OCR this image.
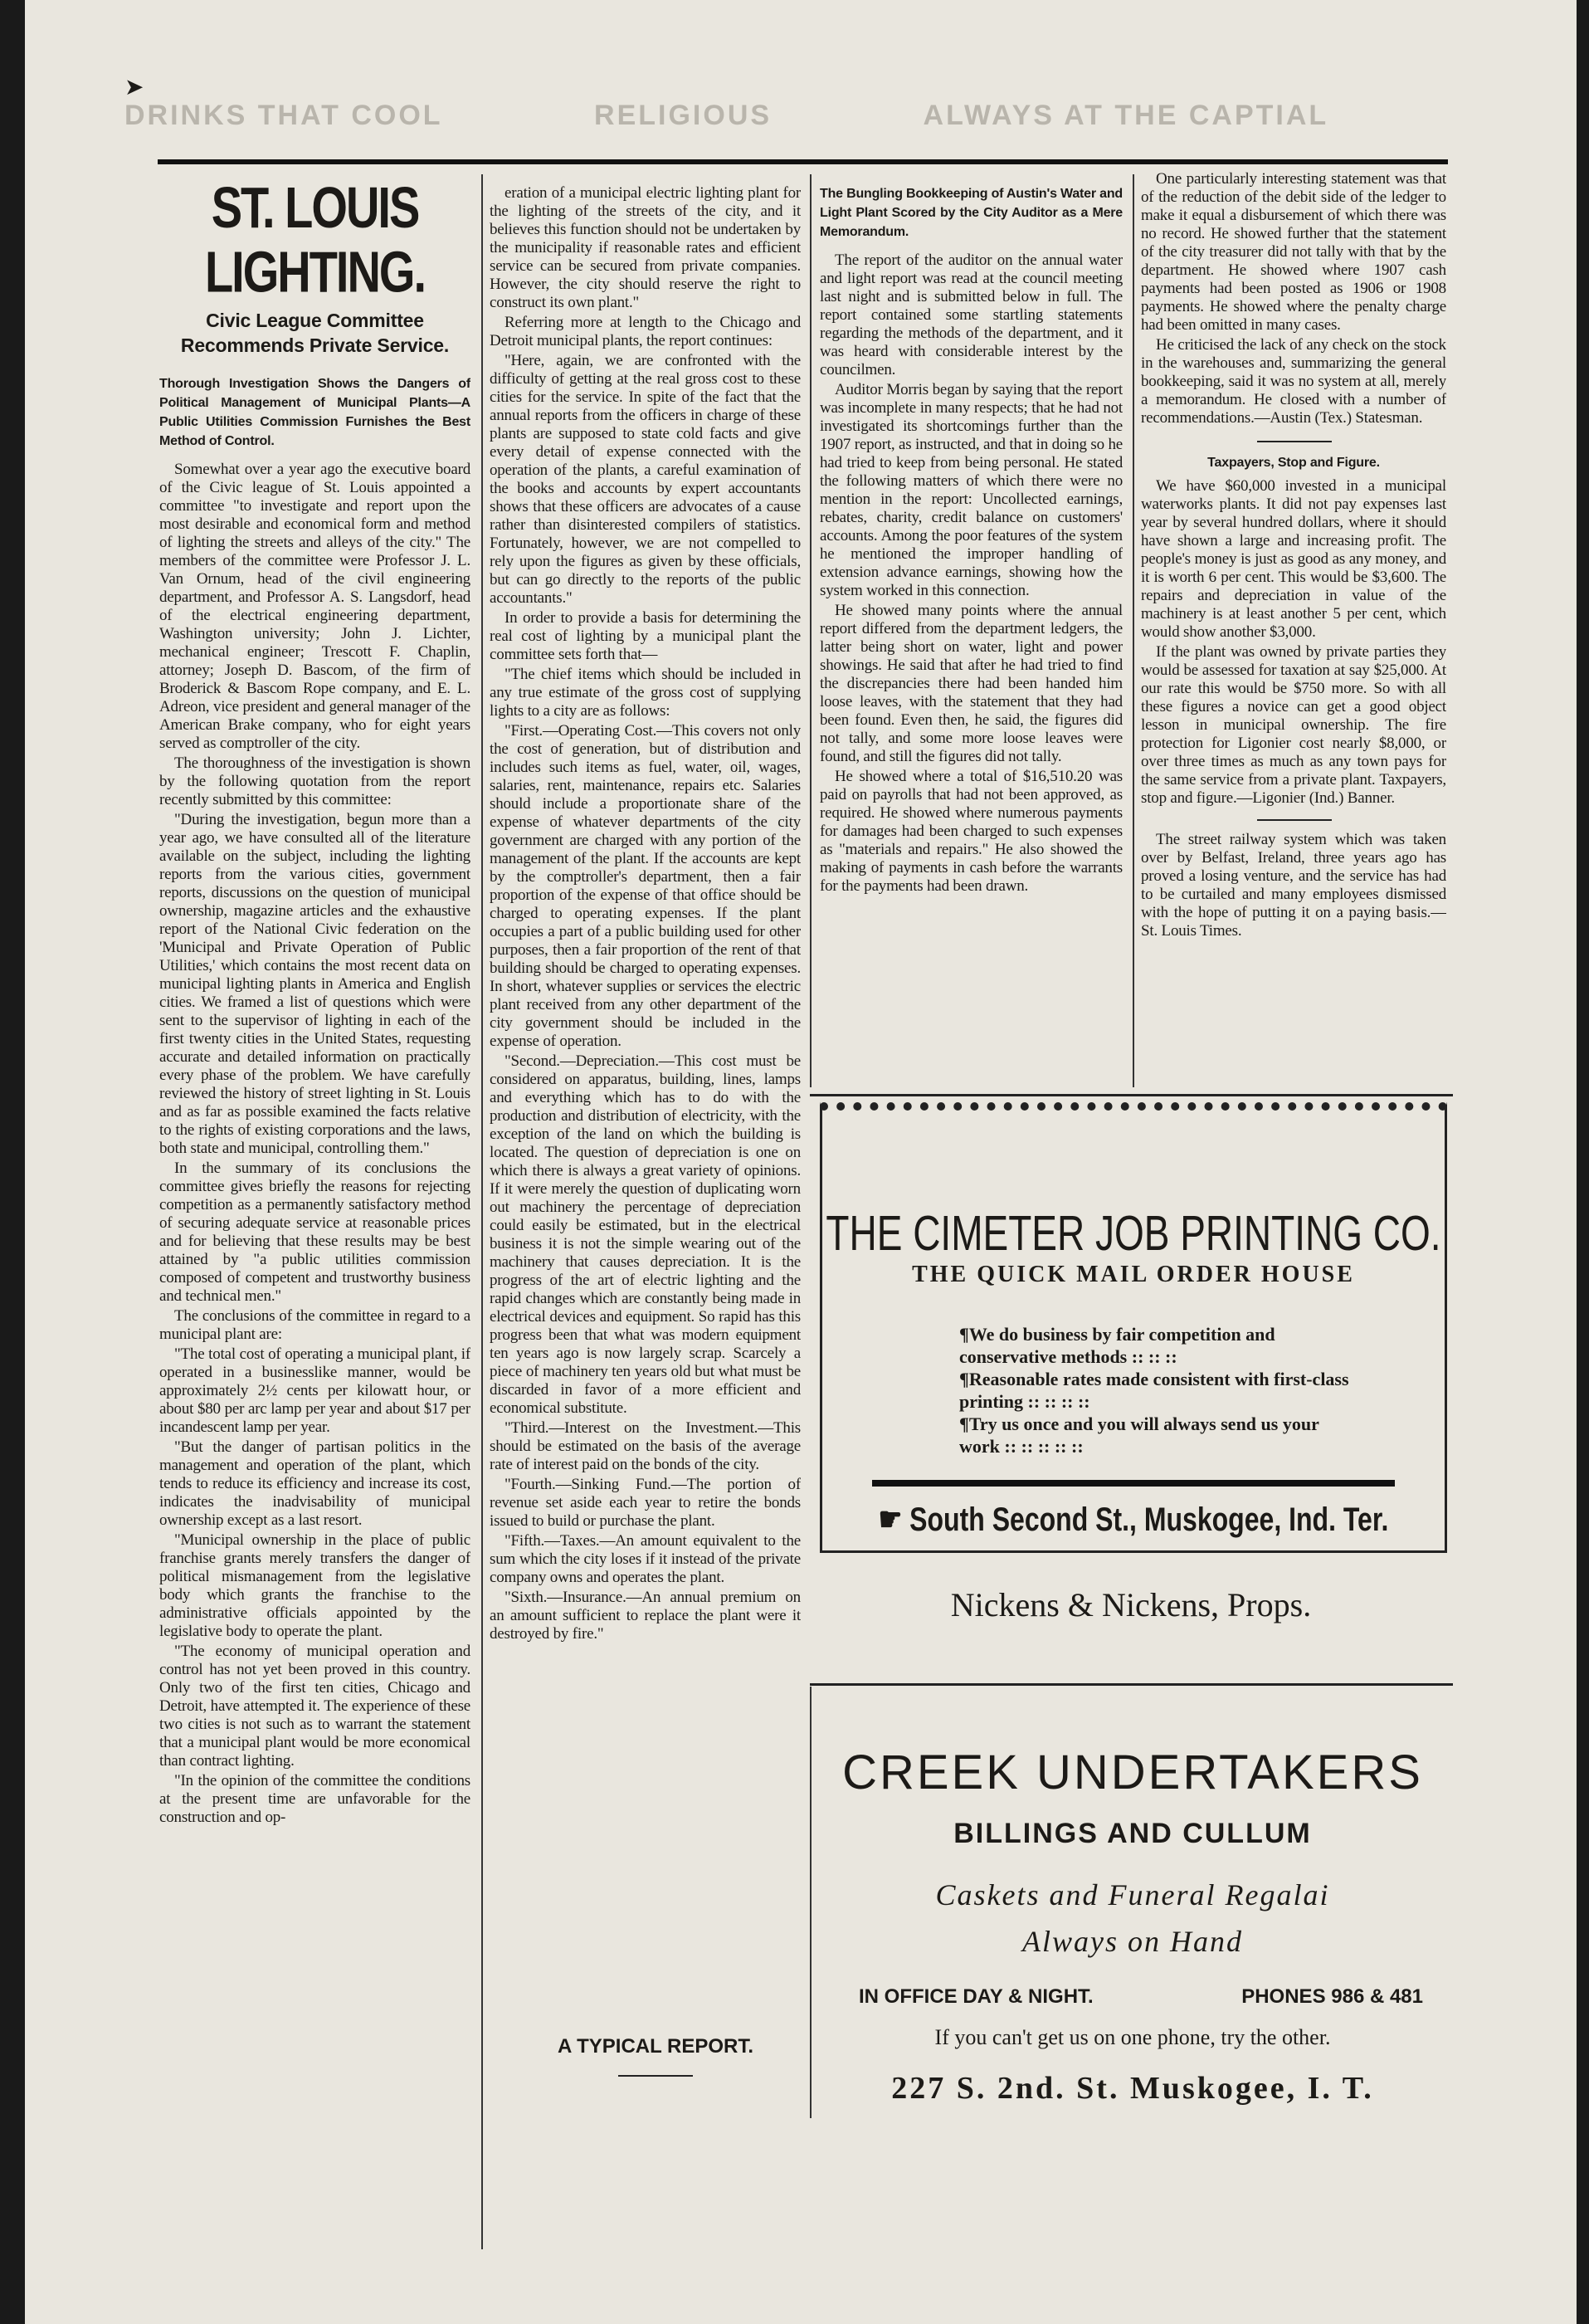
➤
DRINKS THAT COOL	RELIGIOUS	ALWAYS AT THE CAPTIAL
ST. LOUIS LIGHTING.
Civic League Committee Recommends Private Service.
Thorough Investigation Shows the Dangers of Political Management of Municipal Plants—A Public Utilities Commission Furnishes the Best Method of Control.

Somewhat over a year ago the executive board of the Civic league of St. Louis appointed a committee "to investigate and report upon the most desirable and economical form and method of lighting the streets and alleys of the city." The members of the committee were Professor J. L. Van Ornum, head of the civil engineering department, and Professor A. S. Langsdorf, head of the electrical engineering department, Washington university; John J. Lichter, mechanical engineer; Trescott F. Chaplin, attorney; Joseph D. Bascom, of the firm of Broderick & Bascom Rope company, and E. L. Adreon, vice president and general manager of the American Brake company, who for eight years served as comptroller of the city.

The thoroughness of the investigation is shown by the following quotation from the report recently submitted by this committee:

"During the investigation, begun more than a year ago, we have consulted all of the literature available on the subject, including the lighting reports from the various cities, government reports, discussions on the question of municipal ownership, magazine articles and the exhaustive report of the National Civic federation on the 'Municipal and Private Operation of Public Utilities,' which contains the most recent data on municipal lighting plants in America and English cities. We framed a list of questions which were sent to the supervisor of lighting in each of the first twenty cities in the United States, requesting accurate and detailed information on practically every phase of the problem. We have carefully reviewed the history of street lighting in St. Louis and as far as possible examined the facts relative to the rights of existing corporations and the laws, both state and municipal, controlling them."

In the summary of its conclusions the committee gives briefly the reasons for rejecting competition as a permanently satisfactory method of securing adequate service at reasonable prices and for believing that these results may be best attained by "a public utilities commission composed of competent and trustworthy business and technical men."

The conclusions of the committee in regard to a municipal plant are:

"The total cost of operating a municipal plant, if operated in a businesslike manner, would be approximately 2½ cents per kilowatt hour, or about $80 per arc lamp per year and about $17 per incandescent lamp per year.

"But the danger of partisan politics in the management and operation of the plant, which tends to reduce its efficiency and increase its cost, indicates the inadvisability of municipal ownership except as a last resort.

"Municipal ownership in the place of public franchise grants merely transfers the danger of political mismanagement from the legislative body which grants the franchise to the administrative officials appointed by the legislative body to operate the plant.

"The economy of municipal operation and control has not yet been proved in this country. Only two of the first ten cities, Chicago and Detroit, have attempted it. The experience of these two cities is not such as to warrant the statement that a municipal plant would be more economical than contract lighting.

"In the opinion of the committee the conditions at the present time are unfavorable for the construction and op-

eration of a municipal electric lighting plant for the lighting of the streets of the city, and it believes this function should not be undertaken by the municipality if reasonable rates and efficient service can be secured from private companies. However, the city should reserve the right to construct its own plant."

Referring more at length to the Chicago and Detroit municipal plants, the report continues:

"Here, again, we are confronted with the difficulty of getting at the real gross cost to these cities for the service. In spite of the fact that the annual reports from the officers in charge of these plants are supposed to state cold facts and give every detail of expense connected with the operation of the plants, a careful examination of the books and accounts by expert accountants shows that these officers are advocates of a cause rather than disinterested compilers of statistics. Fortunately, however, we are not compelled to rely upon the figures as given by these officials, but can go directly to the reports of the public accountants."

In order to provide a basis for determining the real cost of lighting by a municipal plant the committee sets forth that—

"The chief items which should be included in any true estimate of the gross cost of supplying lights to a city are as follows:

"First.—Operating Cost.—This covers not only the cost of generation, but of distribution and includes such items as fuel, water, oil, wages, salaries, rent, maintenance, repairs etc. Salaries should include a proportionate share of the expense of whatever departments of the city government are charged with any portion of the management of the plant. If the accounts are kept by the comptroller's department, then a fair proportion of the expense of that office should be charged to operating expenses. If the plant occupies a part of a public building used for other purposes, then a fair proportion of the rent of that building should be charged to operating expenses. In short, whatever supplies or services the electric plant received from any other department of the city government should be included in the expense of operation.

"Second.—Depreciation.—This cost must be considered on apparatus, building, lines, lamps and everything which has to do with the production and distribution of electricity, with the exception of the land on which the building is located. The question of depreciation is one on which there is always a great variety of opinions. If it were merely the question of duplicating worn out machinery the percentage of depreciation could easily be estimated, but in the electrical business it is not the simple wearing out of the machinery that causes depreciation. It is the progress of the art of electric lighting and the rapid changes which are constantly being made in electrical devices and equipment. So rapid has this progress been that what was modern equipment ten years ago is now largely scrap. Scarcely a piece of machinery ten years old but what must be discarded in favor of a more efficient and economical substitute.

"Third.—Interest on the Investment.—This should be estimated on the basis of the average rate of interest paid on the bonds of the city.

"Fourth.—Sinking Fund.—The portion of revenue set aside each year to retire the bonds issued to build or purchase the plant.

"Fifth.—Taxes.—An amount equivalent to the sum which the city loses if it instead of the private company owns and operates the plant.

"Sixth.—Insurance.—An annual premium on an amount sufficient to replace the plant were it destroyed by fire."

A TYPICAL REPORT.
The Bungling Bookkeeping of Austin's Water and Light Plant Scored by the City Auditor as a Mere Memorandum.

The report of the auditor on the annual water and light report was read at the council meeting last night and is submitted below in full. The report contained some startling statements regarding the methods of the department, and it was heard with considerable interest by the councilmen.

Auditor Morris began by saying that the report was incomplete in many respects; that he had not investigated its shortcomings further than the 1907 report, as instructed, and that in doing so he had tried to keep from being personal. He stated the following matters of which there were no mention in the report: Uncollected earnings, rebates, charity, credit balance on customers' accounts. Among the poor features of the system he mentioned the improper handling of extension advance earnings, showing how the system worked in this connection.

He showed many points where the annual report differed from the department ledgers, the latter being short on water, light and power showings. He said that after he had tried to find the discrepancies there had been handed him loose leaves, with the statement that they had been found. Even then, he said, the figures did not tally, and some more loose leaves were found, and still the figures did not tally.

He showed where a total of $16,510.20 was paid on payrolls that had not been approved, as required. He showed where numerous payments for damages had been charged to such expenses as "materials and repairs." He also showed the making of payments in cash before the warrants for the payments had been drawn.

One particularly interesting statement was that of the reduction of the debit side of the ledger to make it equal a disbursement of which there was no record. He showed further that the statement of the city treasurer did not tally with that by the department. He showed where 1907 cash payments had been posted as 1906 or 1908 payments. He showed where the penalty charge had been omitted in many cases.

He criticised the lack of any check on the stock in the warehouses and, summarizing the general bookkeeping, said it was no system at all, merely a memorandum. He closed with a number of recommendations.—Austin (Tex.) Statesman.

Taxpayers, Stop and Figure.

We have $60,000 invested in a municipal waterworks plants. It did not pay expenses last year by several hundred dollars, where it should have shown a large and increasing profit. The people's money is just as good as any money, and it is worth 6 per cent. This would be $3,600. The repairs and depreciation in value of the machinery is at least another 5 per cent, which would show another $3,000.

If the plant was owned by private parties they would be assessed for taxation at say $25,000. At our rate this would be $750 more. So with all these figures a novice can get a good object lesson in municipal ownership. The fire protection for Ligonier cost nearly $8,000, or over three times as much as any town pays for the same service from a private plant. Taxpayers, stop and figure.—Ligonier (Ind.) Banner.

The street railway system which was taken over by Belfast, Ireland, three years ago has proved a losing venture, and the service has had to be curtailed and many employees dismissed with the hope of putting it on a paying basis.—St. Louis Times.

THE CIMETER JOB PRINTING CO.
THE QUICK MAIL ORDER HOUSE
¶We do business by fair competition and conservative methods :: :: ::
¶Reasonable rates made consistent with first-class printing :: :: :: ::
¶Try us once and you will always send us your work :: :: :: :: ::
☛ South Second St., Muskogee, Ind. Ter.
Nickens & Nickens, Props.
CREEK UNDERTAKERS
BILLINGS AND CULLUM
Caskets and Funeral Regalai
Always on Hand
IN OFFICE DAY & NIGHT.	PHONES 986 & 481
If you can't get us on one phone, try the other.
227 S. 2nd. St. Muskogee, I. T.
